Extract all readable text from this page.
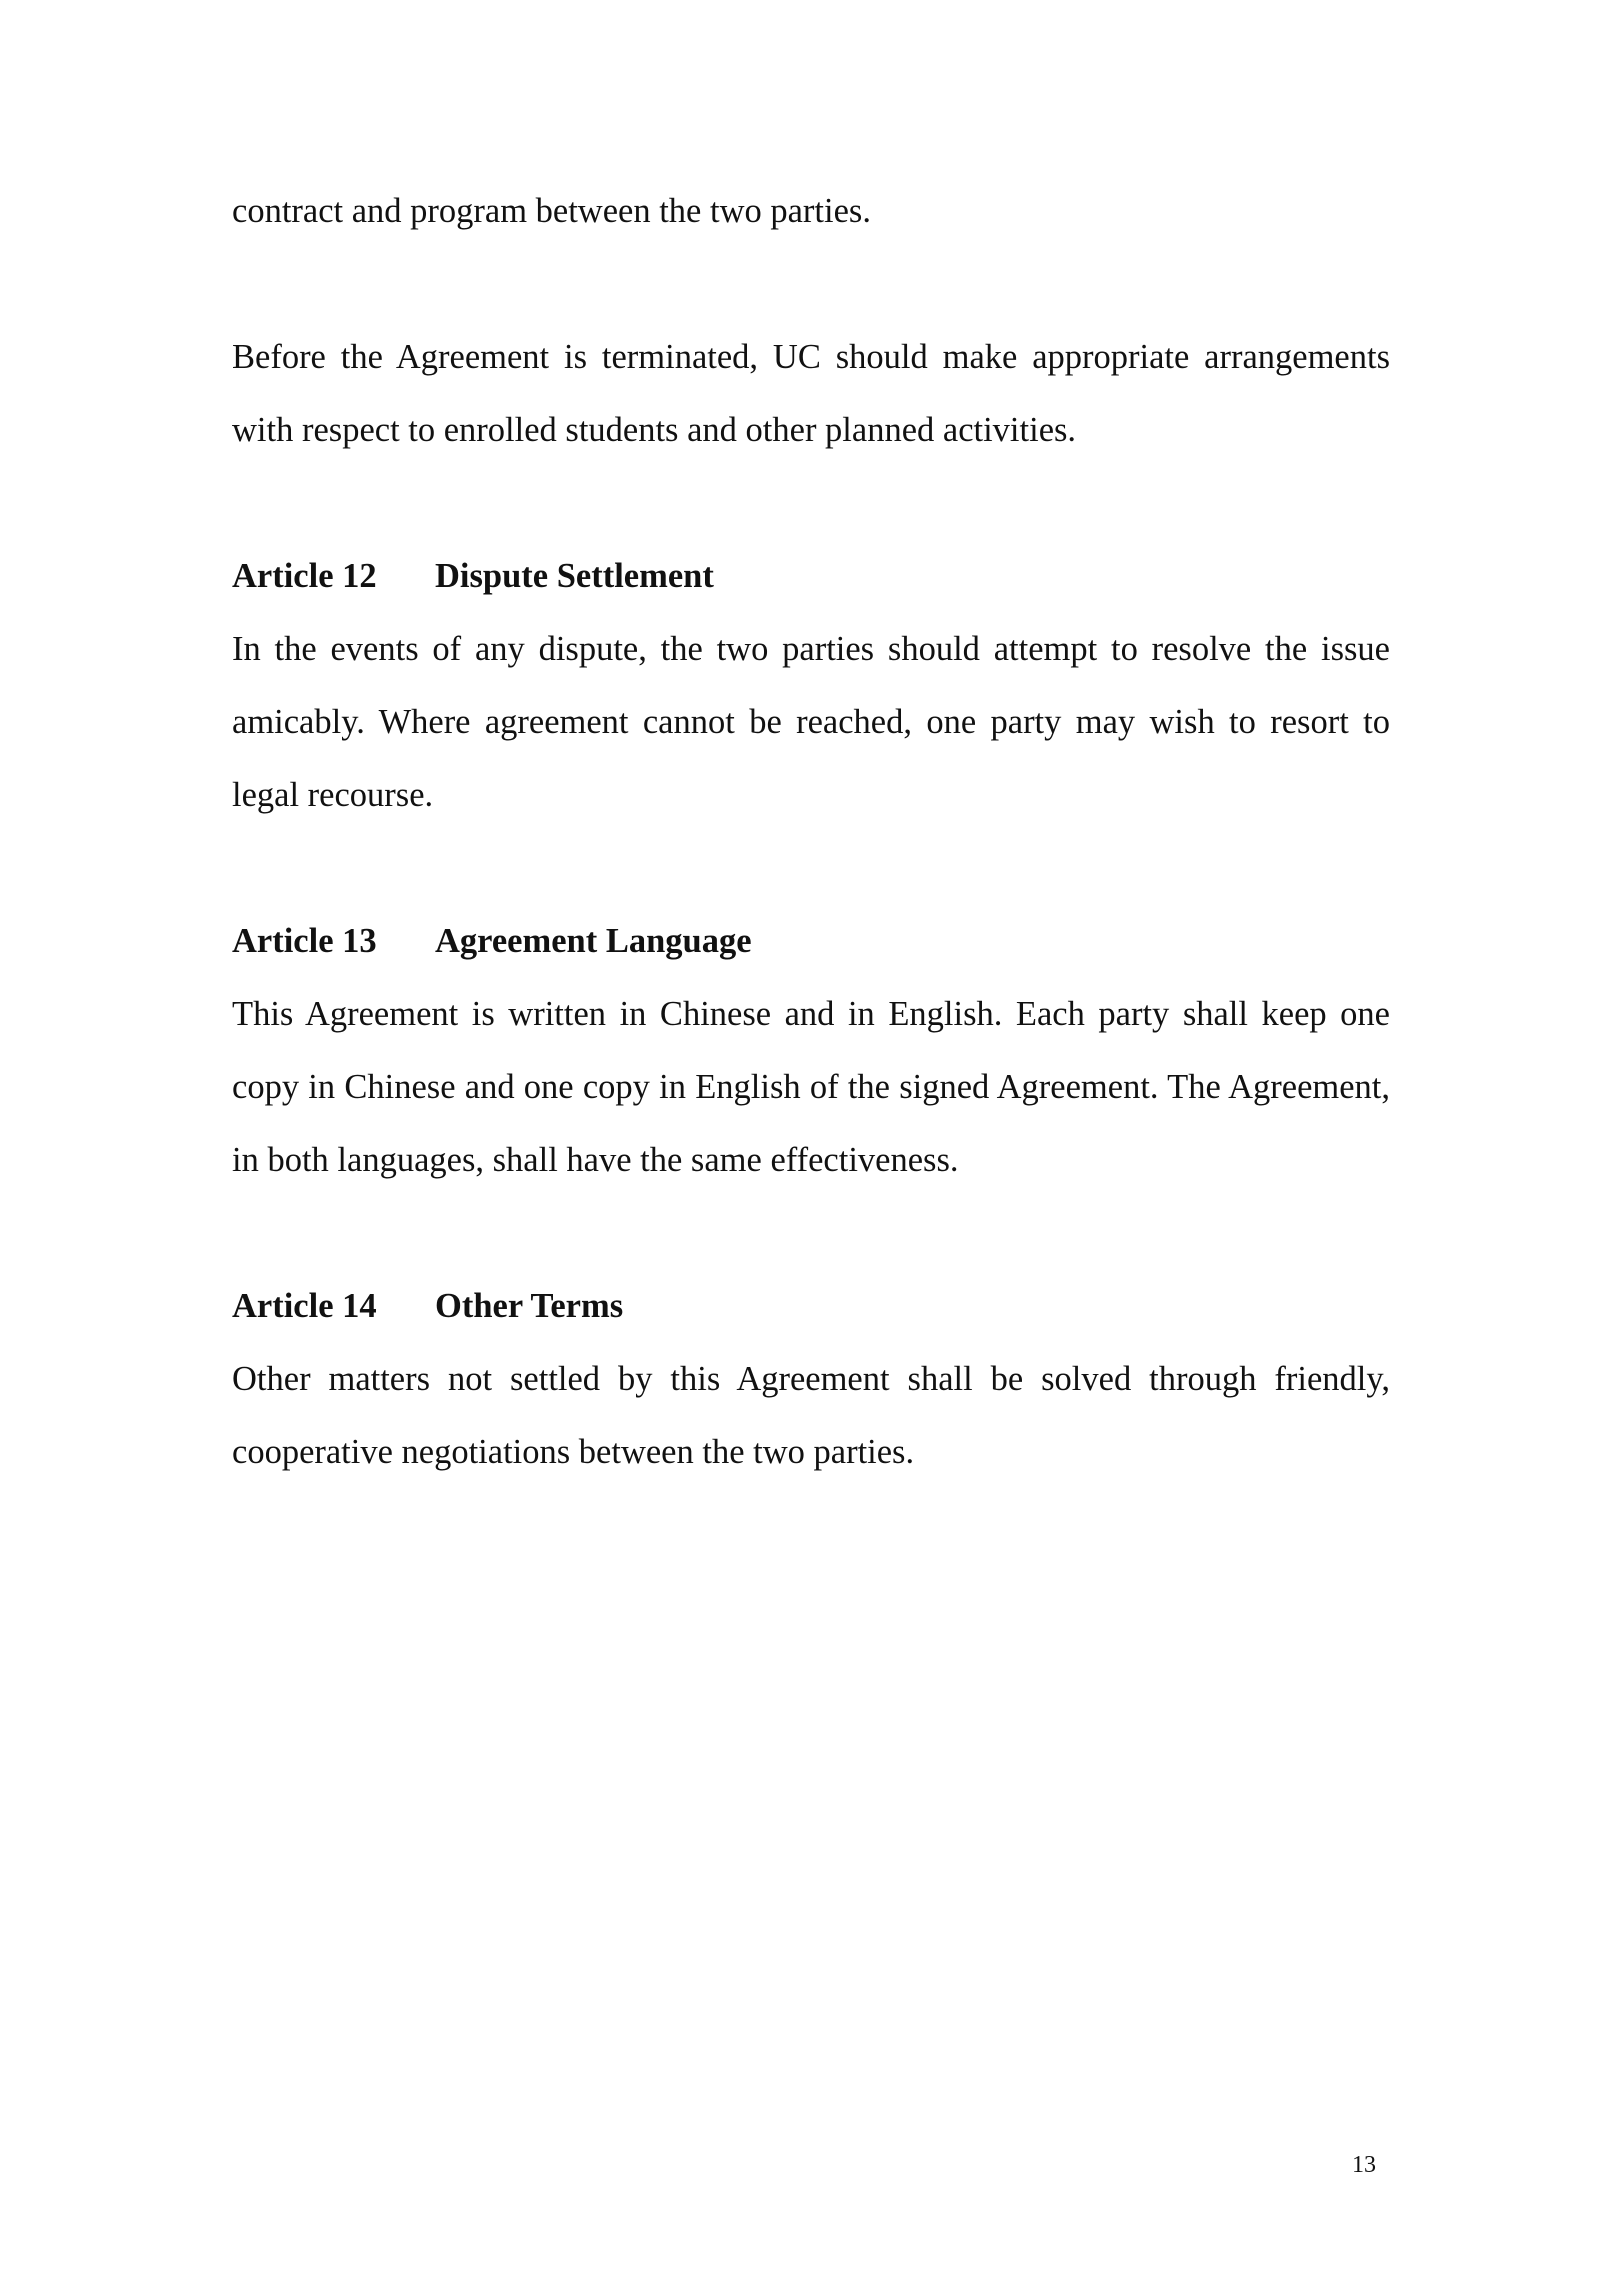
contract and program between the two parties.

Before the Agreement is terminated, UC should make appropriate arrangements with respect to enrolled students and other planned activities.

Article 12 Dispute Settlement

In the events of any dispute, the two parties should attempt to resolve the issue amicably. Where agreement cannot be reached, one party may wish to resort to legal recourse.

Article 13 Agreement Language

This Agreement is written in Chinese and in English. Each party shall keep one copy in Chinese and one copy in English of the signed Agreement. The Agreement, in both languages, shall have the same effectiveness.

Article 14 Other Terms

Other matters not settled by this Agreement shall be solved through friendly, cooperative negotiations between the two parties.

13
